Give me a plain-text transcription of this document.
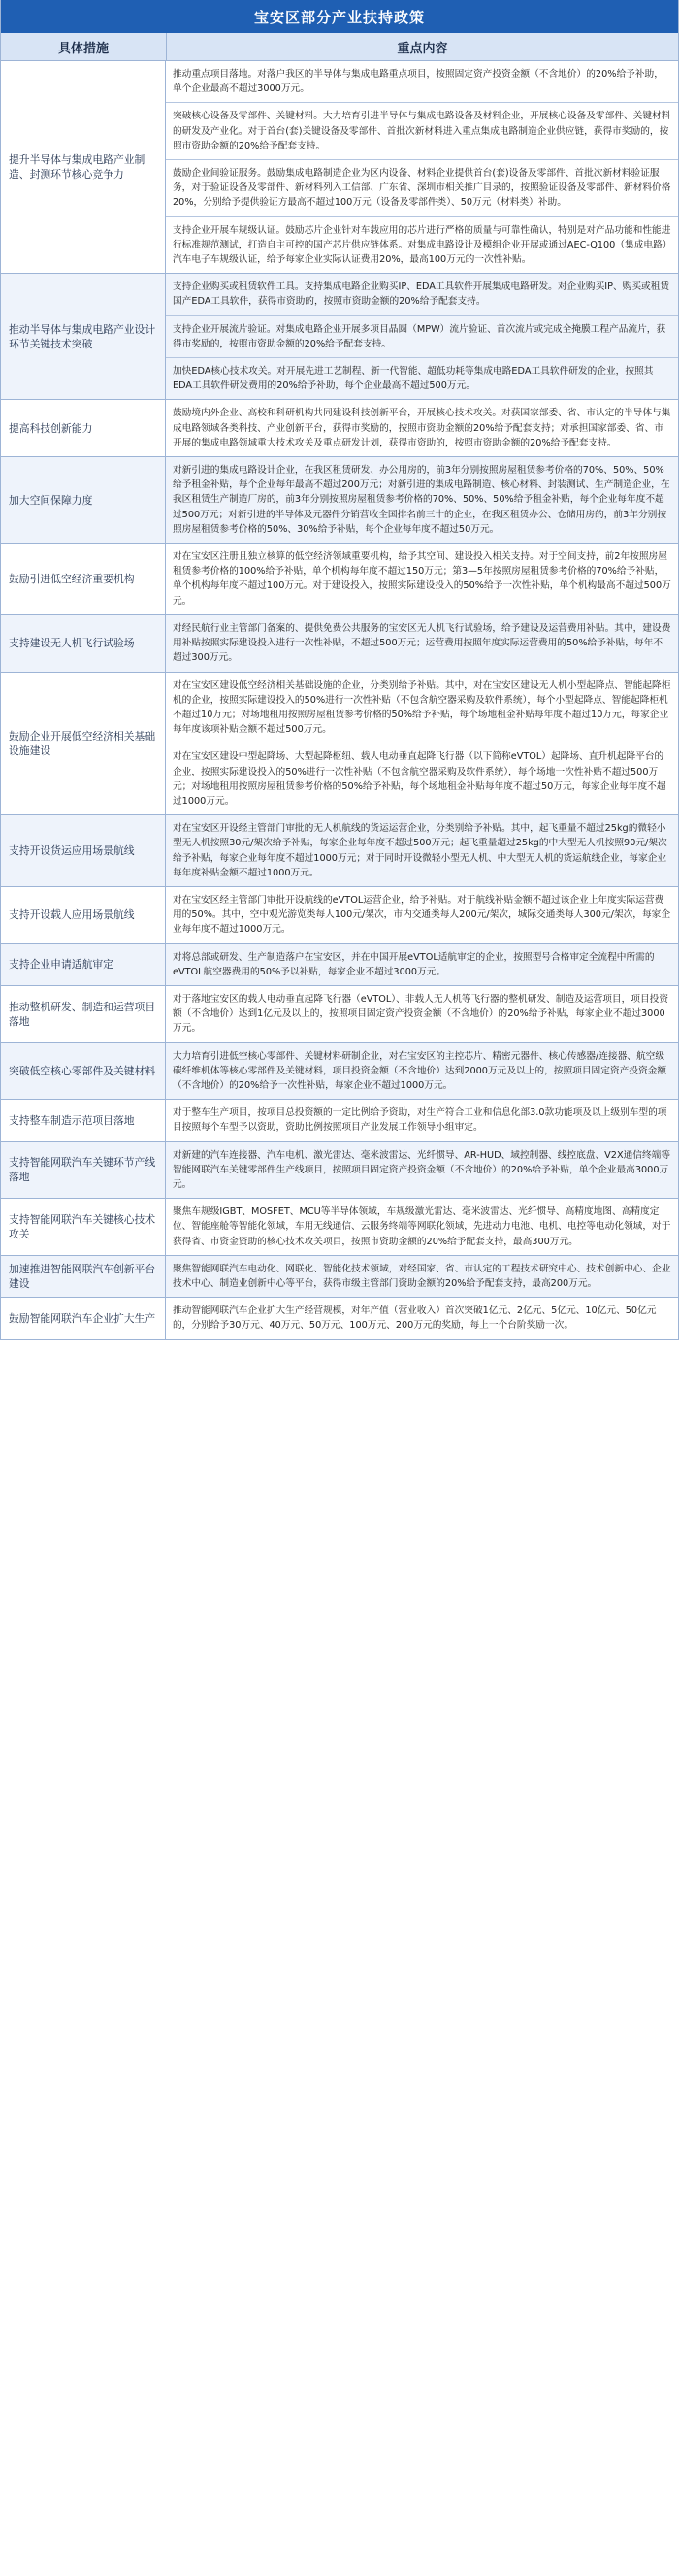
宝安区部分产业扶持政策
具体措施	重点内容
提升半导体与集成电路产业制造、封测环节核心竞争力
推动重点项目落地。对落户我区的半导体与集成电路重点项目，按照固定资产投资金额（不含地价）的20%给予补助，单个企业最高不超过3000万元。
突破核心设备及零部件、关键材料。大力培育引进半导体与集成电路设备及材料企业，开展核心设备及零部件、关键材料的研发及产业化。对于首台(套)关键设备及零部件、首批次新材料进入重点集成电路制造企业供应链，获得市奖励的，按照市资助金额的20%给予配套支持。
鼓励企业间验证服务。鼓励集成电路制造企业为区内设备、材料企业提供首台(套)设备及零部件、首批次新材料验证服务，对于验证设备及零部件、新材料列入工信部、广东省、深圳市相关推广目录的，按照验证设备及零部件、新材料价格20%，分别给予提供验证方最高不超过100万元（设备及零部件类）、50万元（材料类）补助。
支持企业开展车规级认证。鼓励芯片企业针对车载应用的芯片进行严格的质量与可靠性确认，特别是对产品功能和性能进行标准规范测试，打造自主可控的国产芯片供应链体系。对集成电路设计及模组企业开展或通过AEC-Q100（集成电路）汽车电子车规级认证，给予每家企业实际认证费用20%，最高100万元的一次性补贴。
推动半导体与集成电路产业设计环节关键技术突破
支持企业购买或租赁软件工具。支持集成电路企业购买IP、EDA工具软件开展集成电路研发。对企业购买IP、购买或租赁国产EDA工具软件，获得市资助的，按照市资助金额的20%给予配套支持。
支持企业开展流片验证。对集成电路企业开展多项目晶圆（MPW）流片验证、首次流片或完成全掩膜工程产品流片，获得市奖励的，按照市资助金额的20%给予配套支持。
加快EDA核心技术攻关。对开展先进工艺制程、新一代智能、超低功耗等集成电路EDA工具软件研发的企业，按照其EDA工具软件研发费用的20%给予补助，每个企业最高不超过500万元。
提高科技创新能力
鼓励境内外企业、高校和科研机构共同建设科技创新平台，开展核心技术攻关。对获国家部委、省、市认定的半导体与集成电路领域各类科技、产业创新平台，获得市奖励的，按照市资助金额的20%给予配套支持；对承担国家部委、省、市开展的集成电路领域重大技术攻关及重点研发计划，获得市资助的，按照市资助金额的20%给予配套支持。
加大空间保障力度
对新引进的集成电路设计企业，在我区租赁研发、办公用房的，前3年分别按照房屋租赁参考价格的70%、50%、50%给予租金补贴，每个企业每年最高不超过200万元；对新引进的集成电路制造、核心材料、封装测试、生产制造企业，在我区租赁生产制造厂房的，前3年分别按照房屋租赁参考价格的70%、50%、50%给予租金补贴，每个企业每年度不超过500万元；对新引进的半导体及元器件分销营收全国排名前三十的企业，在我区租赁办公、仓储用房的，前3年分别按照房屋租赁参考价格的50%、30%给予补贴，每个企业每年度不超过50万元。
鼓励引进低空经济重要机构
对在宝安区注册且独立核算的低空经济领域重要机构，给予其空间、建设投入相关支持。对于空间支持，前2年按照房屋租赁参考价格的100%给予补贴，单个机构每年度不超过150万元；第3—5年按照房屋租赁参考价格的70%给予补贴，单个机构每年度不超过100万元。对于建设投入，按照实际建设投入的50%给予一次性补贴，单个机构最高不超过500万元。
支持建设无人机飞行试验场
对经民航行业主管部门备案的、提供免费公共服务的宝安区无人机飞行试验场，给予建设及运营费用补贴。其中，建设费用补贴按照实际建设投入进行一次性补贴，不超过500万元；运营费用按照年度实际运营费用的50%给予补贴，每年不超过300万元。
鼓励企业开展低空经济相关基础设施建设
对在宝安区建设低空经济相关基础设施的企业，分类别给予补贴。其中，对在宝安区建设无人机小型起降点、智能起降柜机的企业，按照实际建设投入的50%进行一次性补贴（不包含航空器采购及软件系统），每个小型起降点、智能起降柜机不超过10万元；对场地租用按照房屋租赁参考价格的50%给予补贴，每个场地租金补贴每年度不超过10万元，每家企业每年度该项补贴金额不超过500万元。
对在宝安区建设中型起降场、大型起降枢纽、载人电动垂直起降飞行器（以下简称eVTOL）起降场、直升机起降平台的企业，按照实际建设投入的50%进行一次性补贴（不包含航空器采购及软件系统），每个场地一次性补贴不超过500万元；对场地租用按照房屋租赁参考价格的50%给予补贴，每个场地租金补贴每年度不超过50万元，每家企业每年度不超过1000万元。
支持开设货运应用场景航线
对在宝安区开设经主管部门审批的无人机航线的货运运营企业，分类别给予补贴。其中，起飞重量不超过25kg的微轻小型无人机按照30元/架次给予补贴，每家企业每年度不超过500万元；起飞重量超过25kg的中大型无人机按照90元/架次给予补贴，每家企业每年度不超过1000万元；对于同时开设微轻小型无人机、中大型无人机的货运航线企业，每家企业每年度补贴金额不超过1000万元。
支持开设载人应用场景航线
对在宝安区经主管部门审批开设航线的eVTOL运营企业，给予补贴。对于航线补贴金额不超过该企业上年度实际运营费用的50%。其中，空中观光游览类每人100元/架次，市内交通类每人200元/架次，城际交通类每人300元/架次，每家企业每年度不超过1000万元。
支持企业申请适航审定
对将总部或研发、生产制造落户在宝安区，并在中国开展eVTOL适航审定的企业，按照型号合格审定全流程中所需的eVTOL航空器费用的50%予以补贴，每家企业不超过3000万元。
推动整机研发、制造和运营项目落地
对于落地宝安区的载人电动垂直起降飞行器（eVTOL）、非载人无人机等飞行器的整机研发、制造及运营项目，项目投资额（不含地价）达到1亿元及以上的，按照项目固定资产投资金额（不含地价）的20%给予补贴，每家企业不超过3000万元。
突破低空核心零部件及关键材料
大力培育引进低空核心零部件、关键材料研制企业，对在宝安区的主控芯片、精密元器件、核心传感器/连接器、航空级碳纤维机体等核心零部件及关键材料，项目投资金额（不含地价）达到2000万元及以上的，按照项目固定资产投资金额（不含地价）的20%给予一次性补贴，每家企业不超过1000万元。
支持整车制造示范项目落地
对于整车生产项目，按项目总投资额的一定比例给予资助，对生产符合工业和信息化部3.0款功能项及以上级别车型的项目按照每个车型予以资助，资助比例按照项目产业发展工作领导小组审定。
支持智能网联汽车关键环节产线落地
对新建的汽车连接器、汽车电机、激光雷达、毫米波雷达、光纤惯导、AR-HUD、域控制器、线控底盘、V2X通信终端等智能网联汽车关键零部件生产线项目，按照项目固定资产投资金额（不含地价）的20%给予补贴，单个企业最高3000万元。
支持智能网联汽车关键核心技术攻关
聚焦车规级IGBT、MOSFET、MCU等半导体领域，车规级激光雷达、毫米波雷达、光纤惯导、高精度地图、高精度定位、智能座舱等智能化领域，车用无线通信、云服务终端等网联化领域，先进动力电池、电机、电控等电动化领域，对于获得省、市资金资助的核心技术攻关项目，按照市资助金额的20%给予配套支持，最高300万元。
加速推进智能网联汽车创新平台建设
聚焦智能网联汽车电动化、网联化、智能化技术领域，对经国家、省、市认定的工程技术研究中心、技术创新中心、企业技术中心、制造业创新中心等平台，获得市级主管部门资助金额的20%给予配套支持，最高200万元。
鼓励智能网联汽车企业扩大生产
推动智能网联汽车企业扩大生产经营规模，对年产值（营业收入）首次突破1亿元、2亿元、5亿元、10亿元、50亿元的，分别给予30万元、40万元、50万元、100万元、200万元的奖励，每上一个台阶奖励一次。
